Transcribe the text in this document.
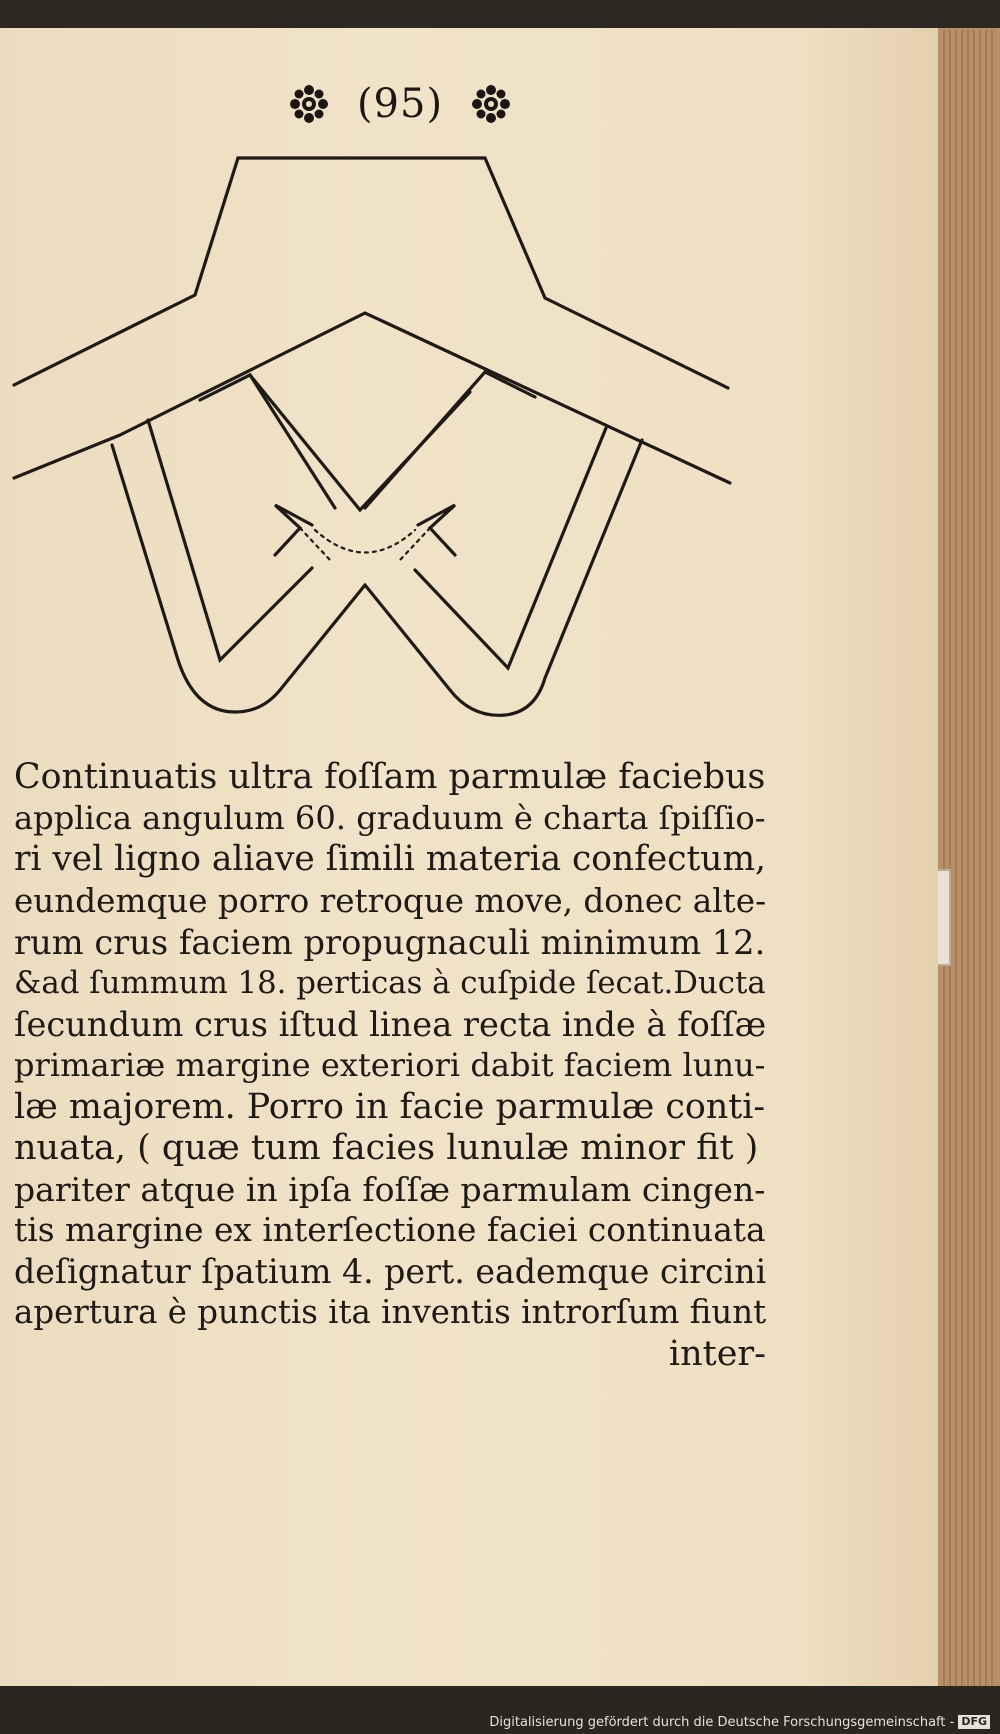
(95)
Continuatis ultra foſſam parmulæ faciebus
applica angulum 60. graduum è charta ſpiſſio-
ri vel ligno aliave ſimili materia confectum,
eundemque porro retroque move, donec alte-
rum crus faciem propugnaculi minimum 12.
&ad ſummum 18. perticas à cuſpide ſecat.Ducta
ſecundum crus iſtud linea recta inde à foſſæ
primariæ margine exteriori dabit faciem lunu-
læ majorem. Porro in facie parmulæ conti-
nuata, ( quæ tum facies lunulæ minor fit )
pariter atque in ipſa foſſæ parmulam cingen-
tis margine ex interſectione faciei continuata
deſignatur ſpatium 4. pert. eademque circini
apertura è punctis ita inventis introrſum fiunt
inter-
Digitalisierung gefördert durch die Deutsche Forschungsgemeinschaft - DFG
